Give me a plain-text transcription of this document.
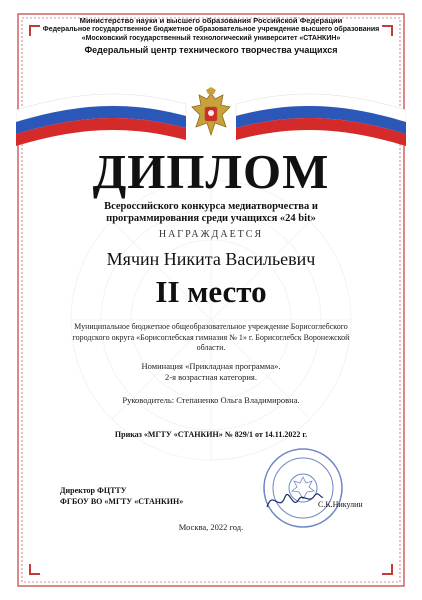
Министерство науки и высшего образования Российской Федерации
Федеральное государственное бюджетное образовательное учреждение высшего образования
«Московский государственный технологический университет «СТАНКИН»
Федеральный центр технического творчества учащихся
ДИПЛОМ
Всероссийского конкурса медиатворчества и
программирования среди учащихся «24 bit»
НАГРАЖДАЕТСЯ
Мячин Никита Васильевич
II место
Муниципальное бюджетное общеобразовательное учреждение Борисоглебского
городского округа «Борисоглебская гимназия № 1» г. Борисоглебск Воронежской
области.
Номинация «Прикладная программа».
2-я возрастная категория.
Руководитель: Степаненко Ольга Владимировна.
Приказ «МГТУ «СТАНКИН» № 829/1 от 14.11.2022 г.
Директор ФЦТТУ
ФГБОУ ВО «МГТУ «СТАНКИН»	С.К.Никулин
Москва, 2022 год.
